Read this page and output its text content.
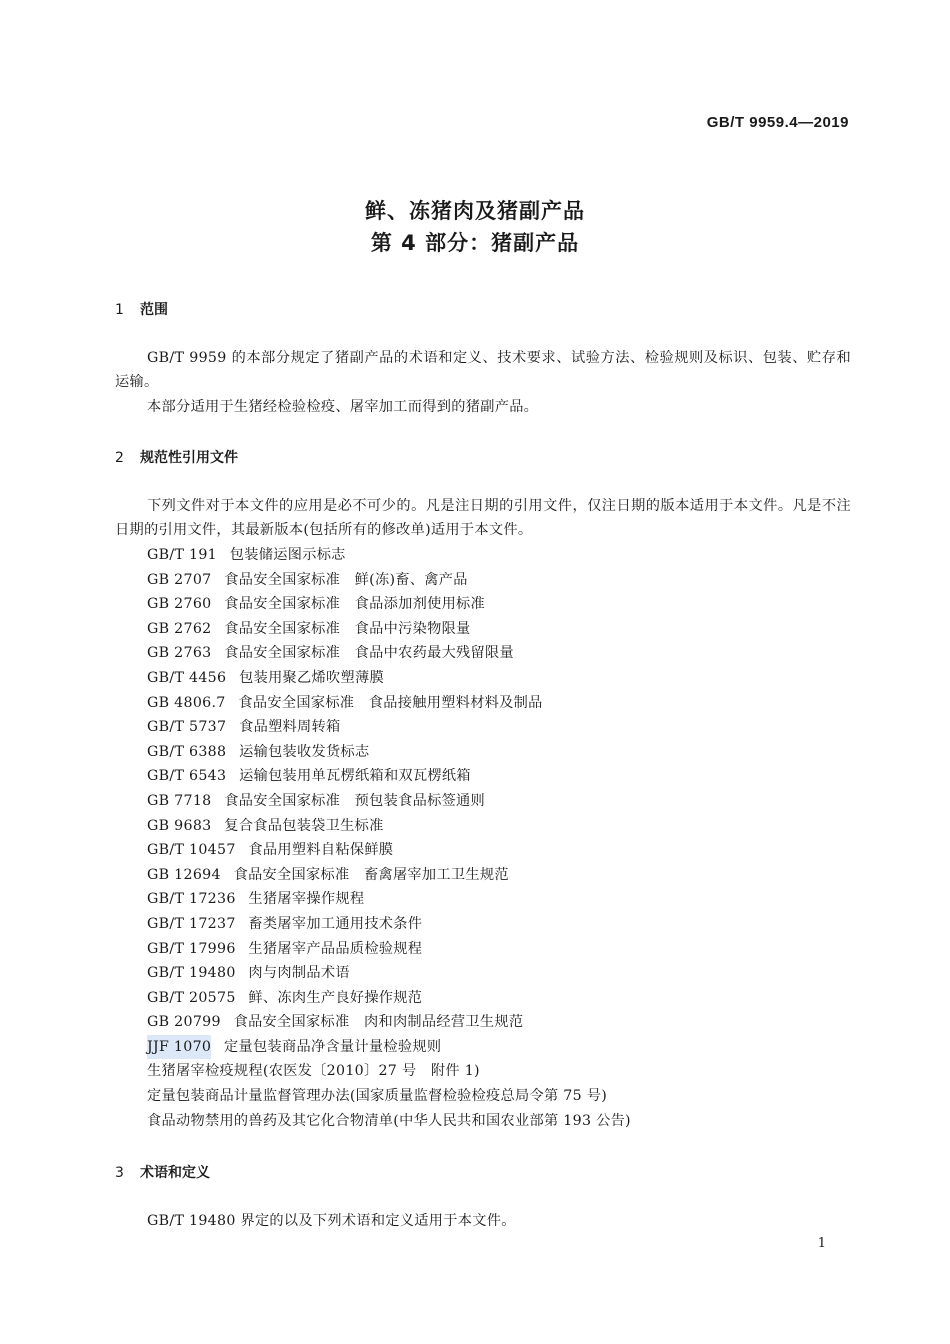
GB/T 9959.4—2019
鲜、冻猪肉及猪副产品
第 4 部分：猪副产品
1 范围
GB/T 9959 的本部分规定了猪副产品的术语和定义、技术要求、试验方法、检验规则及标识、包装、贮存和运输。
本部分适用于生猪经检验检疫、屠宰加工而得到的猪副产品。
2 规范性引用文件
下列文件对于本文件的应用是必不可少的。凡是注日期的引用文件，仅注日期的版本适用于本文件。凡是不注日期的引用文件，其最新版本(包括所有的修改单)适用于本文件。
GB/T 191 包装储运图示标志
GB 2707 食品安全国家标准　鲜(冻)畜、禽产品
GB 2760 食品安全国家标准　食品添加剂使用标准
GB 2762 食品安全国家标准　食品中污染物限量
GB 2763 食品安全国家标准　食品中农药最大残留限量
GB/T 4456 包装用聚乙烯吹塑薄膜
GB 4806.7 食品安全国家标准　食品接触用塑料材料及制品
GB/T 5737 食品塑料周转箱
GB/T 6388 运输包装收发货标志
GB/T 6543 运输包装用单瓦楞纸箱和双瓦楞纸箱
GB 7718 食品安全国家标准　预包装食品标签通则
GB 9683 复合食品包装袋卫生标准
GB/T 10457 食品用塑料自粘保鲜膜
GB 12694 食品安全国家标准　畜禽屠宰加工卫生规范
GB/T 17236 生猪屠宰操作规程
GB/T 17237 畜类屠宰加工通用技术条件
GB/T 17996 生猪屠宰产品品质检验规程
GB/T 19480 肉与肉制品术语
GB/T 20575 鲜、冻肉生产良好操作规范
GB 20799 食品安全国家标准　肉和肉制品经营卫生规范
JJF 1070 定量包装商品净含量计量检验规则
生猪屠宰检疫规程(农医发〔2010〕27 号　附件 1)
定量包装商品计量监督管理办法(国家质量监督检验检疫总局令第 75 号)
食品动物禁用的兽药及其它化合物清单(中华人民共和国农业部第 193 公告)
3 术语和定义
GB/T 19480 界定的以及下列术语和定义适用于本文件。
1
